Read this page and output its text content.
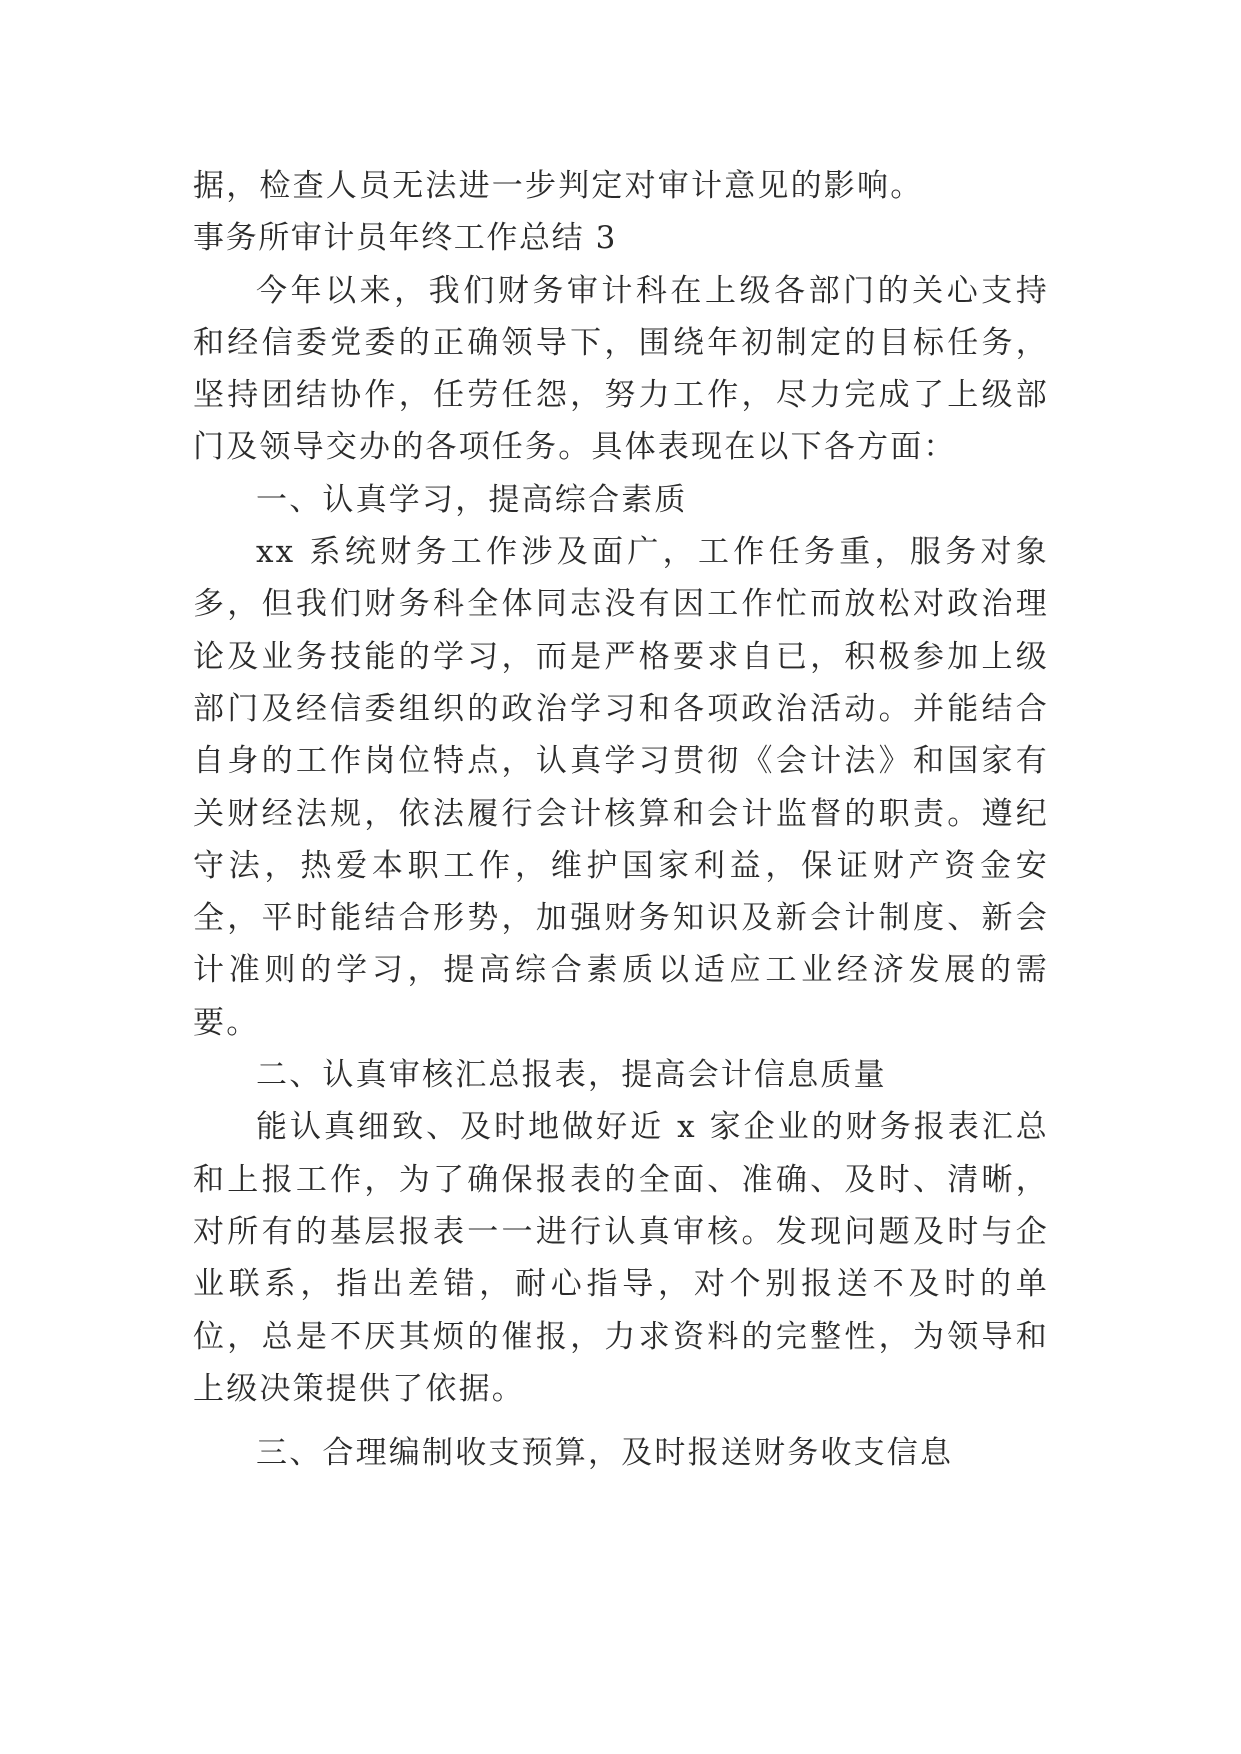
据，检查人员无法进一步判定对审计意见的影响。

事务所审计员年终工作总结 3

今年以来，我们财务审计科在上级各部门的关心支持和经信委党委的正确领导下，围绕年初制定的目标任务，坚持团结协作，任劳任怨，努力工作，尽力完成了上级部门及领导交办的各项任务。具体表现在以下各方面：

一、认真学习，提高综合素质

xx 系统财务工作涉及面广，工作任务重，服务对象多，但我们财务科全体同志没有因工作忙而放松对政治理论及业务技能的学习，而是严格要求自已，积极参加上级部门及经信委组织的政治学习和各项政治活动。并能结合自身的工作岗位特点，认真学习贯彻《会计法》和国家有关财经法规，依法履行会计核算和会计监督的职责。遵纪守法，热爱本职工作，维护国家利益，保证财产资金安全，平时能结合形势，加强财务知识及新会计制度、新会计准则的学习，提高综合素质以适应工业经济发展的需要。

二、认真审核汇总报表，提高会计信息质量

能认真细致、及时地做好近 x 家企业的财务报表汇总和上报工作，为了确保报表的全面、准确、及时、清晰，对所有的基层报表一一进行认真审核。发现问题及时与企业联系，指出差错，耐心指导，对个别报送不及时的单位，总是不厌其烦的催报，力求资料的完整性，为领导和上级决策提供了依据。

三、合理编制收支预算，及时报送财务收支信息
